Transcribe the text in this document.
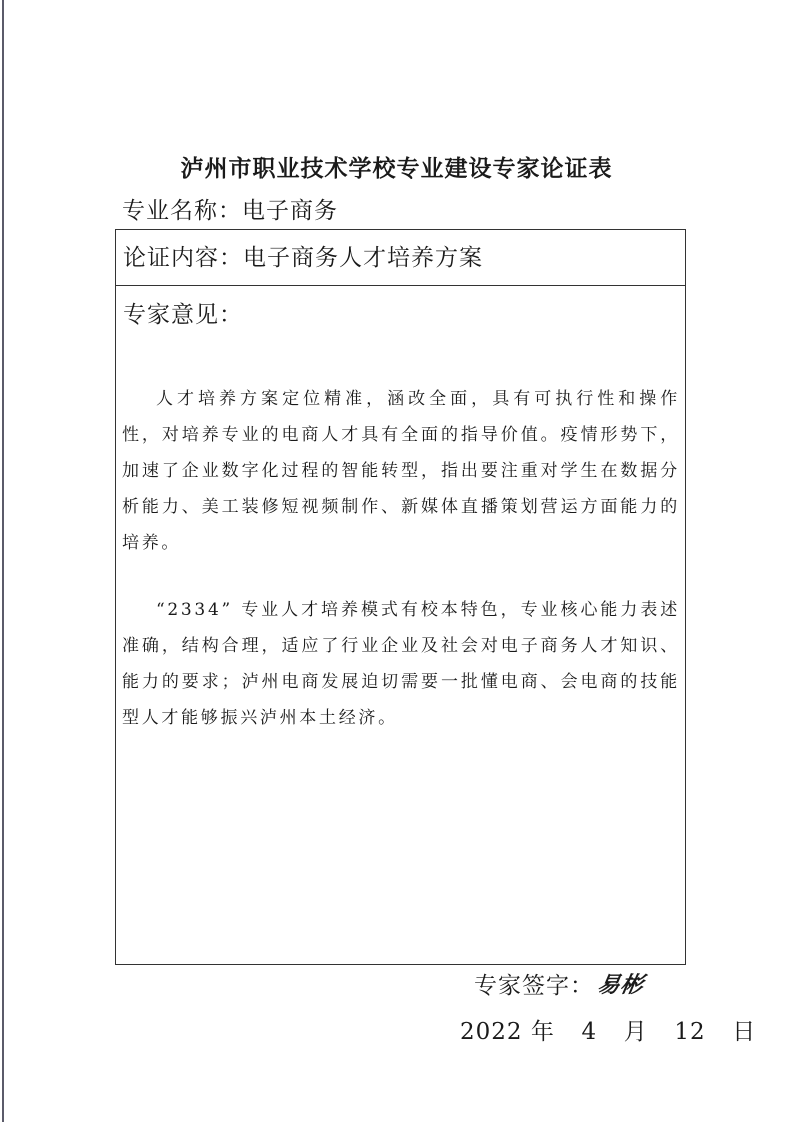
泸州市职业技术学校专业建设专家论证表
专业名称：电子商务
论证内容：电子商务人才培养方案
专家意见：

人才培养方案定位精准，涵改全面，具有可执行性和操作性，对培养专业的电商人才具有全面的指导价值。疫情形势下，加速了企业数字化过程的智能转型，指出要注重对学生在数据分析能力、美工装修短视频制作、新媒体直播策划营运方面能力的培养。

“2334” 专业人才培养模式有校本特色，专业核心能力表述准确，结构合理，适应了行业企业及社会对电子商务人才知识、能力的要求；泸州电商发展迫切需要一批懂电商、会电商的技能型人才能够振兴泸州本土经济。

专家签字： 易彬
2022 年 4 月 12 日
